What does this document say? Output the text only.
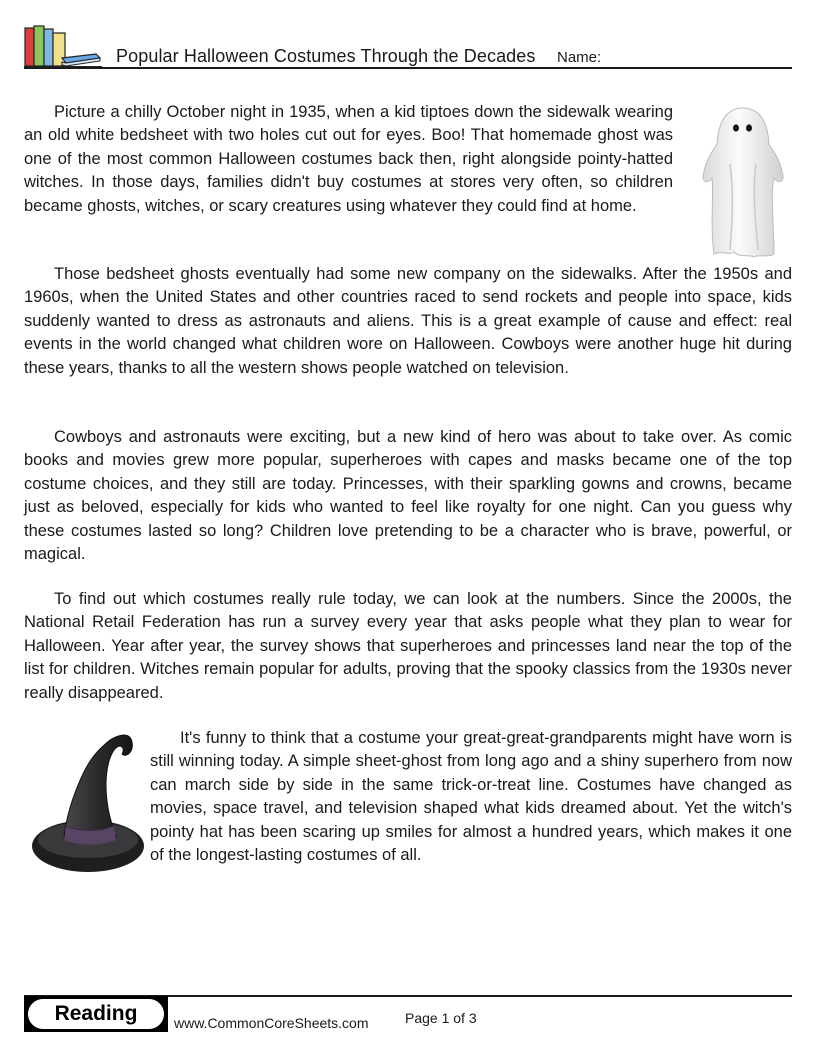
Popular Halloween Costumes Through the Decades Name:

Picture a chilly October night in 1935, when a kid tiptoes down the sidewalk wearing an old white bedsheet with two holes cut out for eyes. Boo! That homemade ghost was one of the most common Halloween costumes back then, right alongside pointy-hatted witches. In those days, families didn't buy costumes at stores very often, so children became ghosts, witches, or scary creatures using whatever they could find at home.

Those bedsheet ghosts eventually had some new company on the sidewalks. After the 1950s and 1960s, when the United States and other countries raced to send rockets and people into space, kids suddenly wanted to dress as astronauts and aliens. This is a great example of cause and effect: real events in the world changed what children wore on Halloween. Cowboys were another huge hit during these years, thanks to all the western shows people watched on television.

Cowboys and astronauts were exciting, but a new kind of hero was about to take over. As comic books and movies grew more popular, superheroes with capes and masks became one of the top costume choices, and they still are today. Princesses, with their sparkling gowns and crowns, became just as beloved, especially for kids who wanted to feel like royalty for one night. Can you guess why these costumes lasted so long? Children love pretending to be a character who is brave, powerful, or magical.

To find out which costumes really rule today, we can look at the numbers. Since the 2000s, the National Retail Federation has run a survey every year that asks people what they plan to wear for Halloween. Year after year, the survey shows that superheroes and princesses land near the top of the list for children. Witches remain popular for adults, proving that the spooky classics from the 1930s never really disappeared.

It's funny to think that a costume your great-great-grandparents might have worn is still winning today. A simple sheet-ghost from long ago and a shiny superhero from now can march side by side in the same trick-or-treat line. Costumes have changed as movies, space travel, and television shaped what kids dreamed about. Yet the witch's pointy hat has been scaring up smiles for almost a hundred years, which makes it one of the longest-lasting costumes of all.

Reading	www.CommonCoreSheets.com	Page 1 of 3
